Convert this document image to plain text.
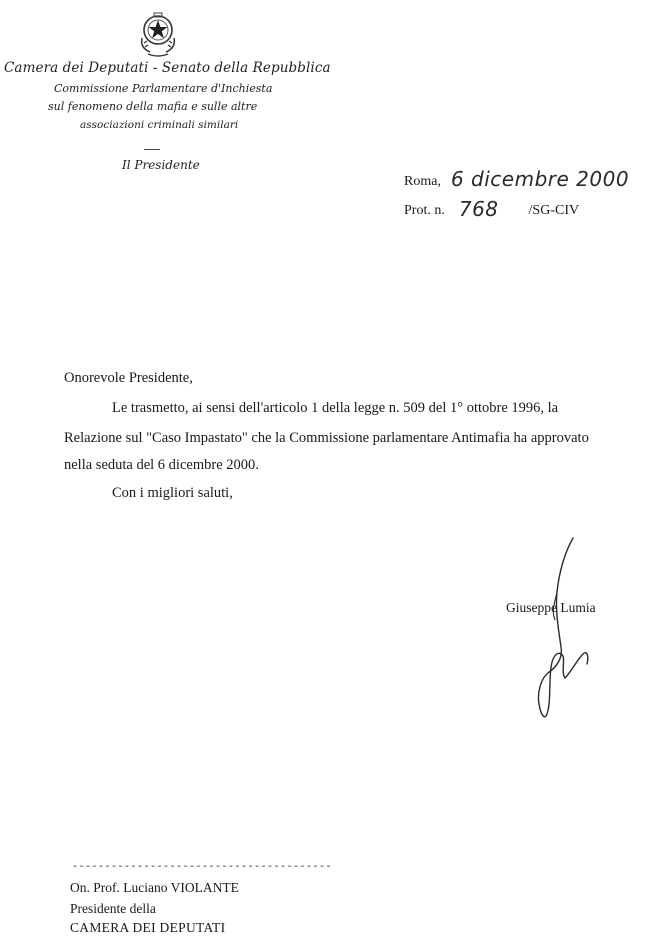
Camera dei Deputati - Senato della Repubblica
Commissione Parlamentare d'Inchiesta
sul fenomeno della mafia e sulle altre
associazioni criminali similari
Il Presidente
Roma, 6 dicembre 2000
Prot. n. 768 /SG-CIV
Onorevole Presidente,
Le trasmetto, ai sensi dell'articolo 1 della legge n. 509 del 1° ottobre 1996, la
Relazione sul "Caso Impastato" che la Commissione parlamentare Antimafia ha approvato
nella seduta del 6 dicembre 2000.
Con i migliori saluti,
Giuseppe Lumia
----------------------------------------
On. Prof. Luciano VIOLANTE
Presidente della
CAMERA DEI DEPUTATI
